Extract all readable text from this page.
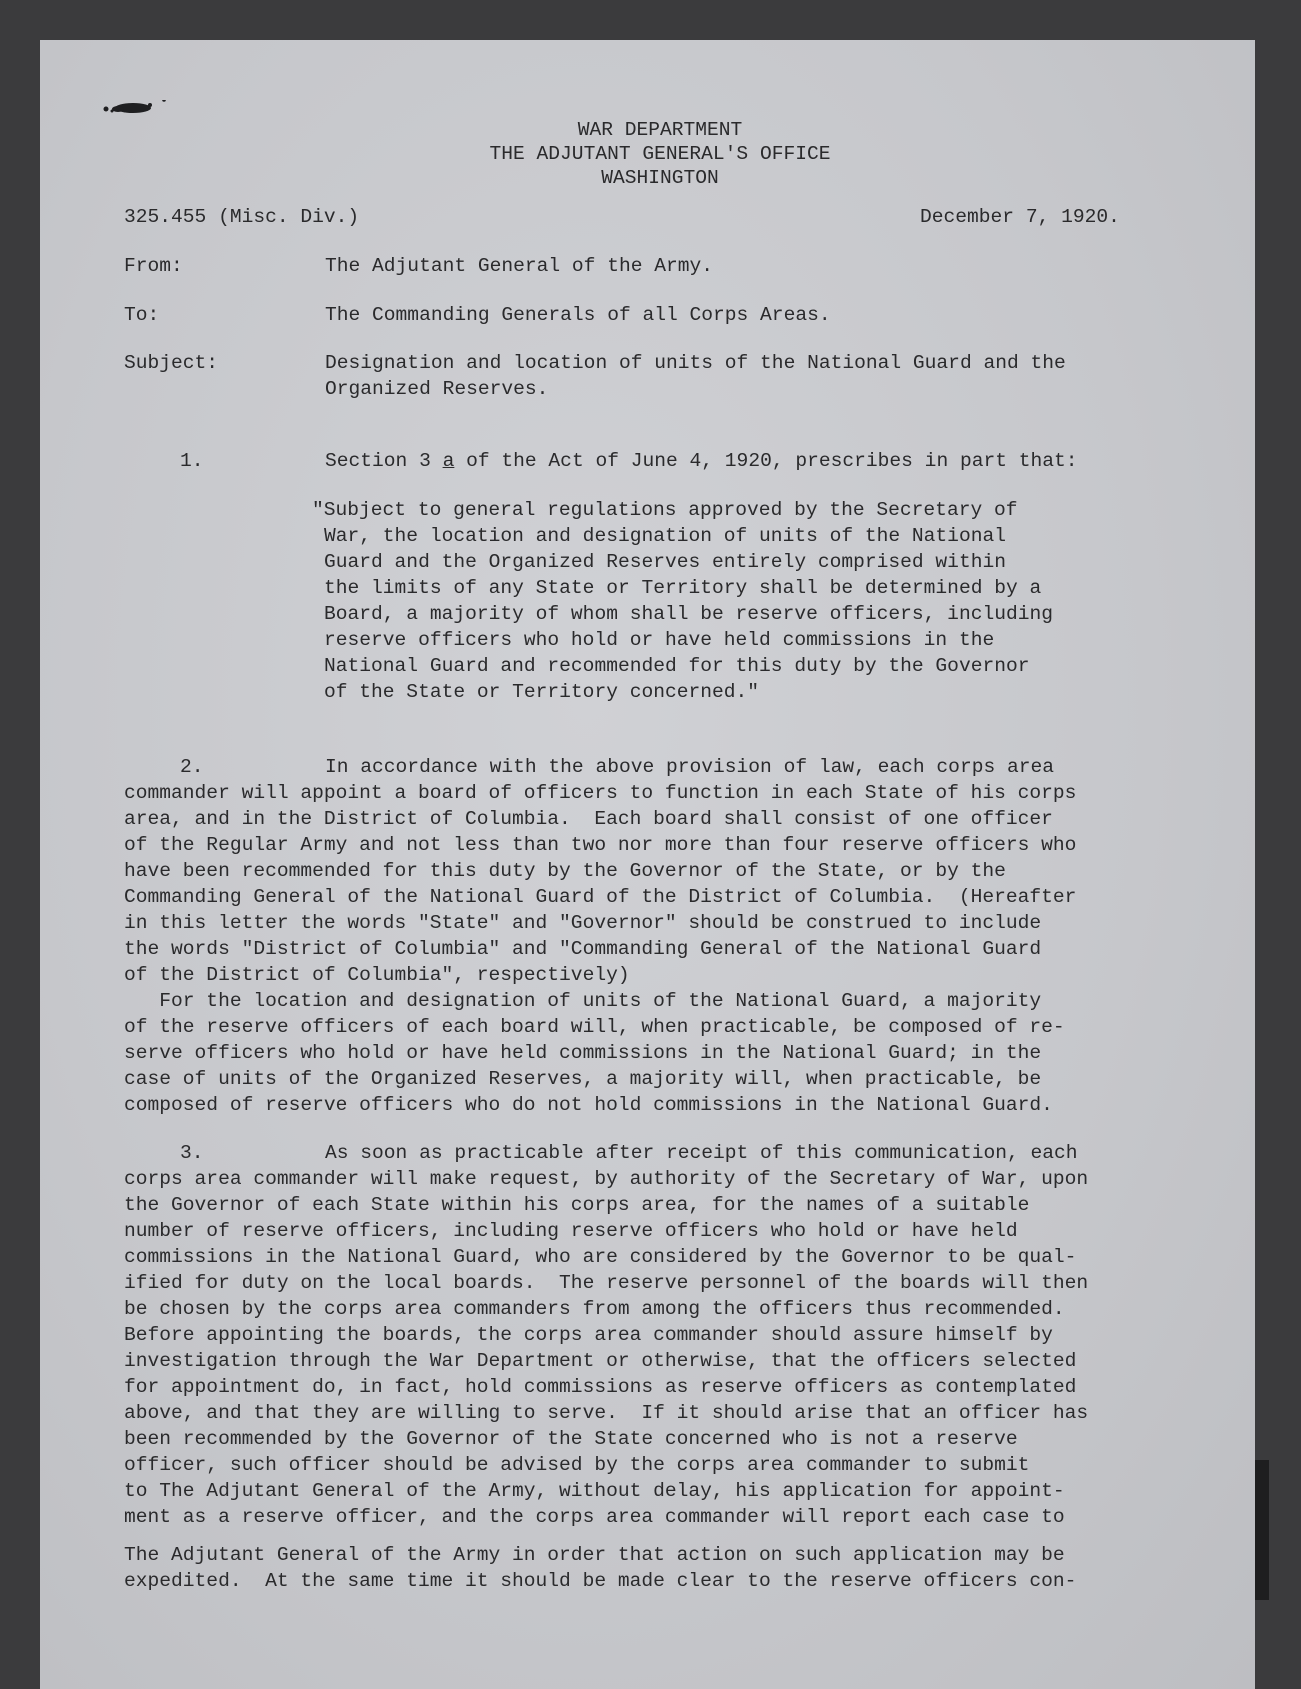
WAR DEPARTMENT
THE ADJUTANT GENERAL'S OFFICE
WASHINGTON
325.455 (Misc. Div.)	December 7, 1920.
From:	The Adjutant General of the Army.
To:	The Commanding Generals of all Corps Areas.
Subject:	Designation and location of units of the National Guard and the
Organized Reserves.
1.	Section 3 a of the Act of June 4, 1920, prescribes in part that:
"Subject to general regulations approved by the Secretary of
War, the location and designation of units of the National
Guard and the Organized Reserves entirely comprised within
the limits of any State or Territory shall be determined by a
Board, a majority of whom shall be reserve officers, including
reserve officers who hold or have held commissions in the
National Guard and recommended for this duty by the Governor
of the State or Territory concerned."
2.	In accordance with the above provision of law, each corps area
commander will appoint a board of officers to function in each State of his corps
area, and in the District of Columbia.  Each board shall consist of one officer
of the Regular Army and not less than two nor more than four reserve officers who
have been recommended for this duty by the Governor of the State, or by the
Commanding General of the National Guard of the District of Columbia.  (Hereafter
in this letter the words "State" and "Governor" should be construed to include
the words "District of Columbia" and "Commanding General of the National Guard
of the District of Columbia", respectively)
For the location and designation of units of the National Guard, a majority
of the reserve officers of each board will, when practicable, be composed of re-
serve officers who hold or have held commissions in the National Guard; in the
case of units of the Organized Reserves, a majority will, when practicable, be
composed of reserve officers who do not hold commissions in the National Guard.
3.	As soon as practicable after receipt of this communication, each
corps area commander will make request, by authority of the Secretary of War, upon
the Governor of each State within his corps area, for the names of a suitable
number of reserve officers, including reserve officers who hold or have held
commissions in the National Guard, who are considered by the Governor to be qual-
ified for duty on the local boards.  The reserve personnel of the boards will then
be chosen by the corps area commanders from among the officers thus recommended.
Before appointing the boards, the corps area commander should assure himself by
investigation through the War Department or otherwise, that the officers selected
for appointment do, in fact, hold commissions as reserve officers as contemplated
above, and that they are willing to serve.  If it should arise that an officer has
been recommended by the Governor of the State concerned who is not a reserve
officer, such officer should be advised by the corps area commander to submit
to The Adjutant General of the Army, without delay, his application for appoint-
ment as a reserve officer, and the corps area commander will report each case to
The Adjutant General of the Army in order that action on such application may be
expedited.  At the same time it should be made clear to the reserve officers con-
